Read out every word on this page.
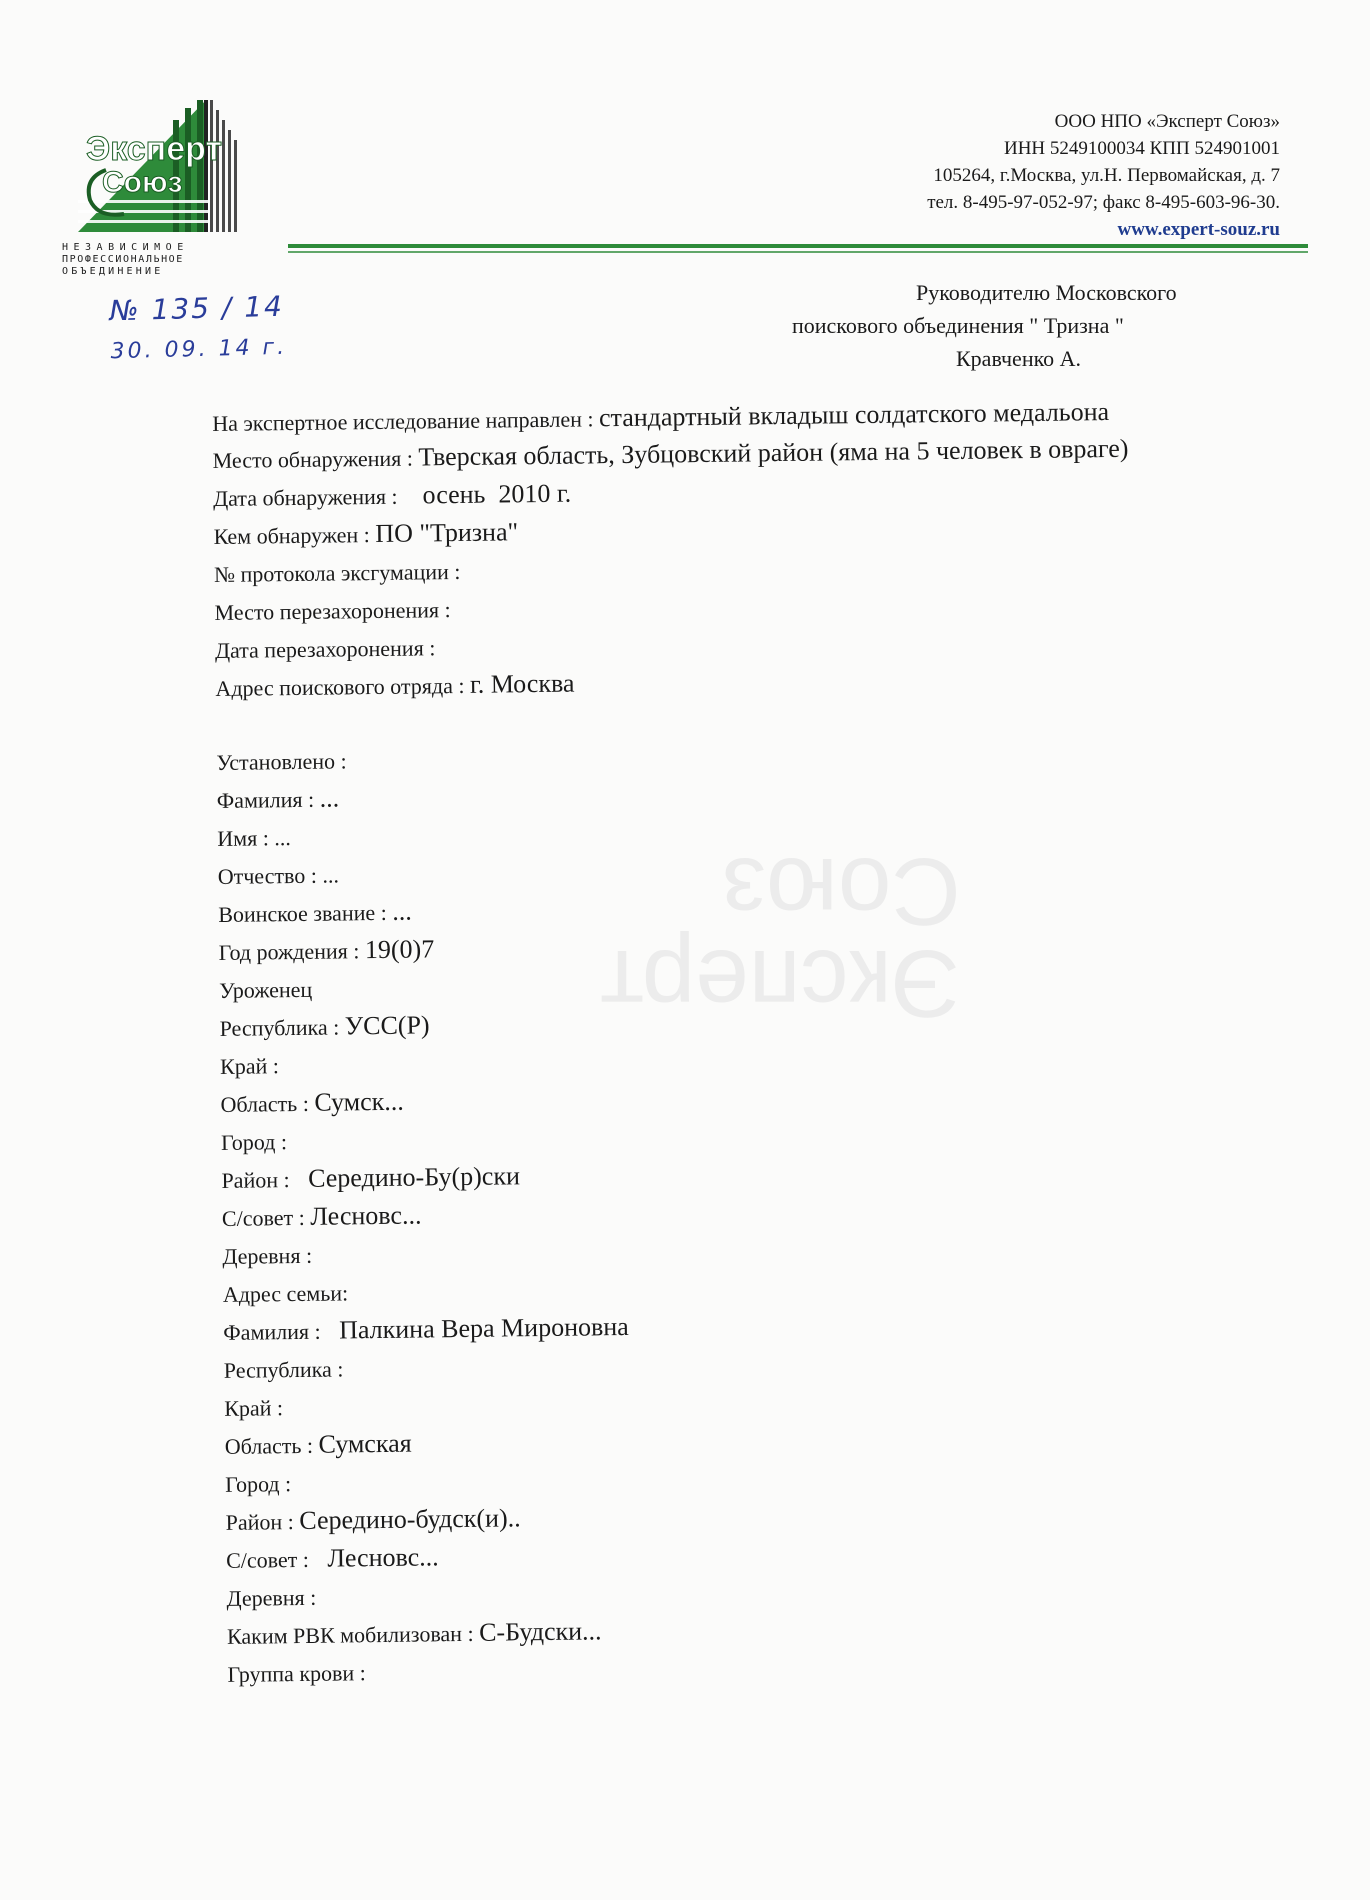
Эксперт
Союз
НЕЗАВИСИМОЕ
ПРОФЕССИОНАЛЬНОЕ
ОБЪЕДИНЕНИЕ
ООО НПО «Эксперт Союз»
ИНН 5249100034 КПП 524901001
105264, г.Москва, ул.Н. Первомайская, д. 7
тел. 8-495-97-052-97; факс 8-495-603-96-30.
www.expert-souz.ru
№ 135 / 14
30. 09. 14 г.
Руководителю Московского
поискового объединения " Тризна "
Кравченко А.
Эксперт
Союз
На экспертное исследование направлен : стандартный вкладыш солдатского медальона
Место обнаружения : Тверская область, Зубцовский район (яма на 5 человек в овраге)
Дата обнаружения :    осень  2010 г.
Кем обнаружен : ПО "Тризна"
№ протокола эксгумации :
Место перезахоронения :
Дата перезахоронения :
Адрес поискового отряда : г. Москва
Установлено :
Фамилия : ...
Имя : ...
Отчество : ...
Воинское звание : ...
Год рождения : 19(0)7
Уроженец
Республика : УСС(Р)
Край :
Область : Сумск...
Город :
Район :   Середино-Бу(р)ски
С/совет : Лесновс...
Деревня :
Адрес семьи:
Фамилия :   Палкина Вера Мироновна
Республика :
Край :
Область : Сумская
Город :
Район : Середино-будск(и)..
С/совет :   Лесновс...
Деревня :
Каким РВК мобилизован : С-Будски...
Группа крови :
